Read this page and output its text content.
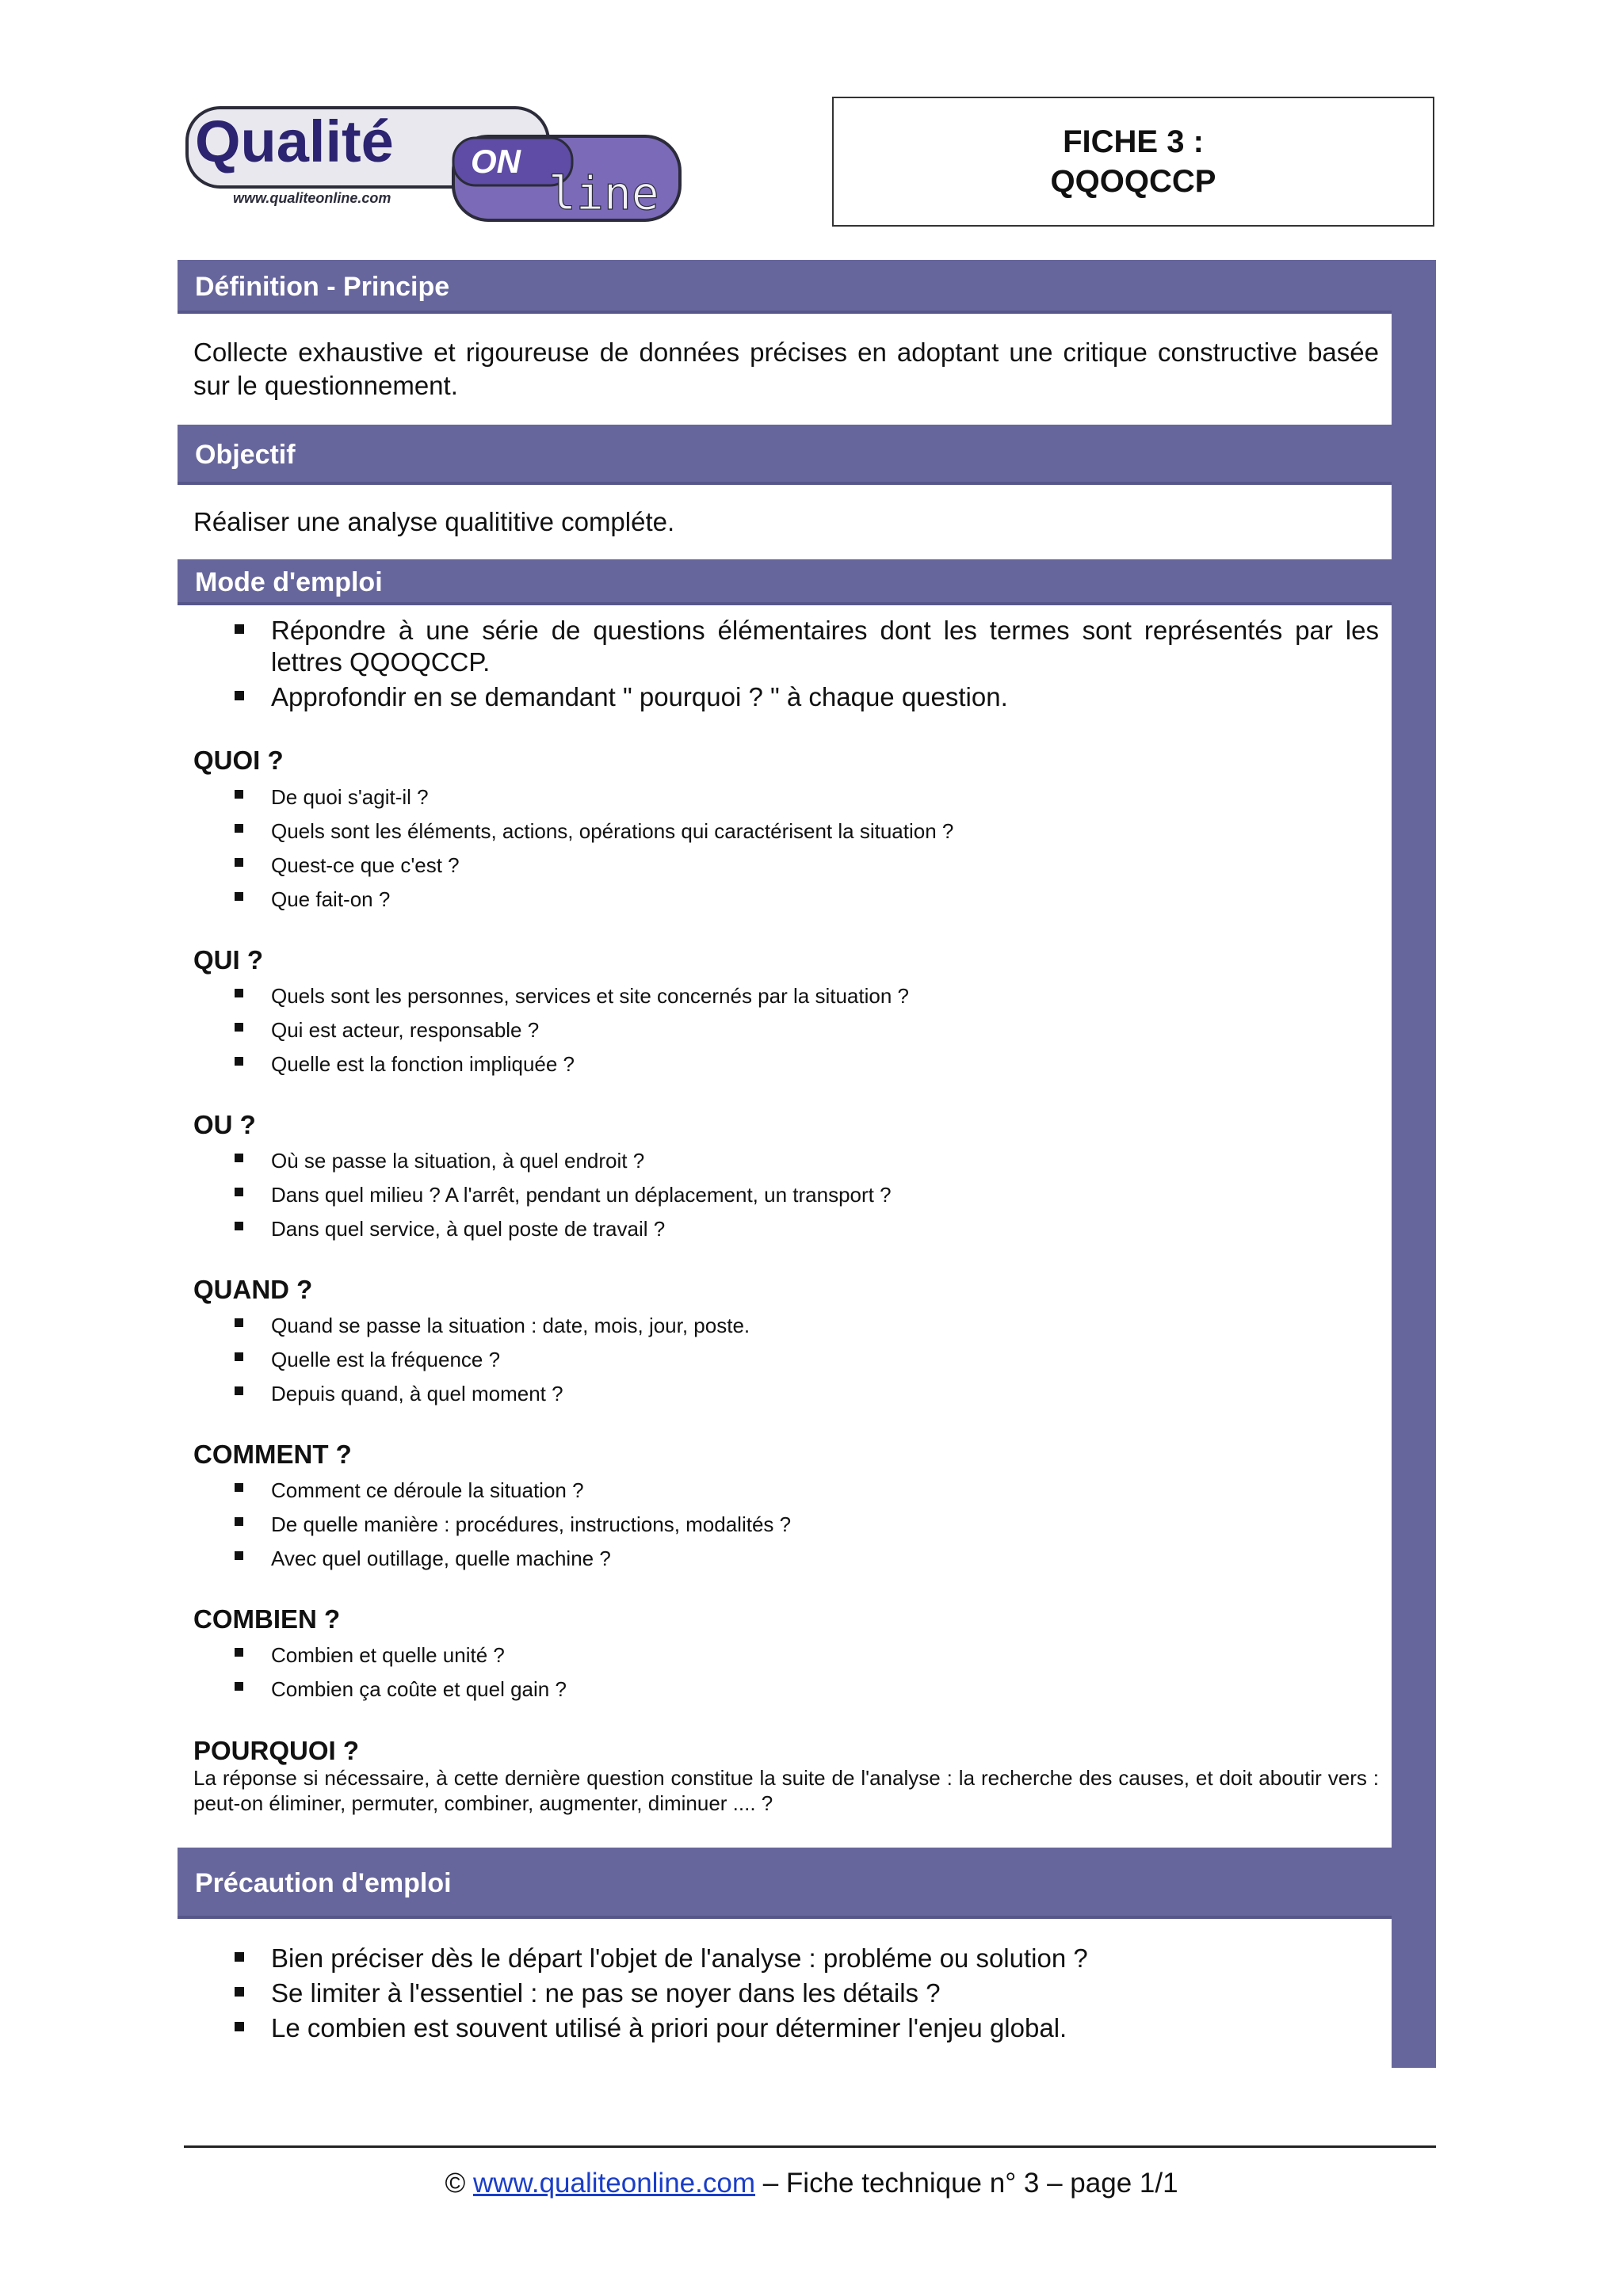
Qualité ON
line
www.qualiteonline.com
FICHE 3 :
QQOQCCP
Définition - Principe
Collecte exhaustive et rigoureuse de données précises en adoptant une critique constructive basée sur le questionnement.
Objectif
Réaliser une analyse qualititive compléte.
Mode d'emploi
Répondre à une série de questions élémentaires dont les termes sont représentés par les lettres QQOQCCP.
Approfondir en se demandant " pourquoi ? " à chaque question.
QUOI ?
De quoi s'agit-il ?
Quels sont les éléments, actions, opérations qui caractérisent la situation ?
Quest-ce que c'est ?
Que fait-on ?
QUI ?
Quels sont les personnes, services et site concernés par la situation ?
Qui est acteur, responsable ?
Quelle est la fonction impliquée ?
OU ?
Où se passe la situation, à quel endroit ?
Dans quel milieu ? A l'arrêt, pendant un déplacement, un transport ?
Dans quel service, à quel poste de travail ?
QUAND ?
Quand se passe la situation : date, mois, jour, poste.
Quelle est la fréquence ?
Depuis quand, à quel moment ?
COMMENT ?
Comment ce déroule la situation ?
De quelle manière : procédures, instructions, modalités ?
Avec quel outillage, quelle machine ?
COMBIEN ?
Combien et quelle unité ?
Combien ça coûte et quel gain ?
POURQUOI ?
La réponse si nécessaire, à cette dernière question constitue la suite de l'analyse : la recherche des causes, et doit aboutir vers : peut-on éliminer, permuter, combiner, augmenter, diminuer .... ?
Précaution d'emploi
Bien préciser dès le départ l'objet de l'analyse : probléme ou solution ?
Se limiter à l'essentiel : ne pas se noyer dans les détails ?
Le combien est souvent utilisé à priori pour déterminer l'enjeu global.
© www.qualiteonline.com – Fiche technique n° 3 – page 1/1
